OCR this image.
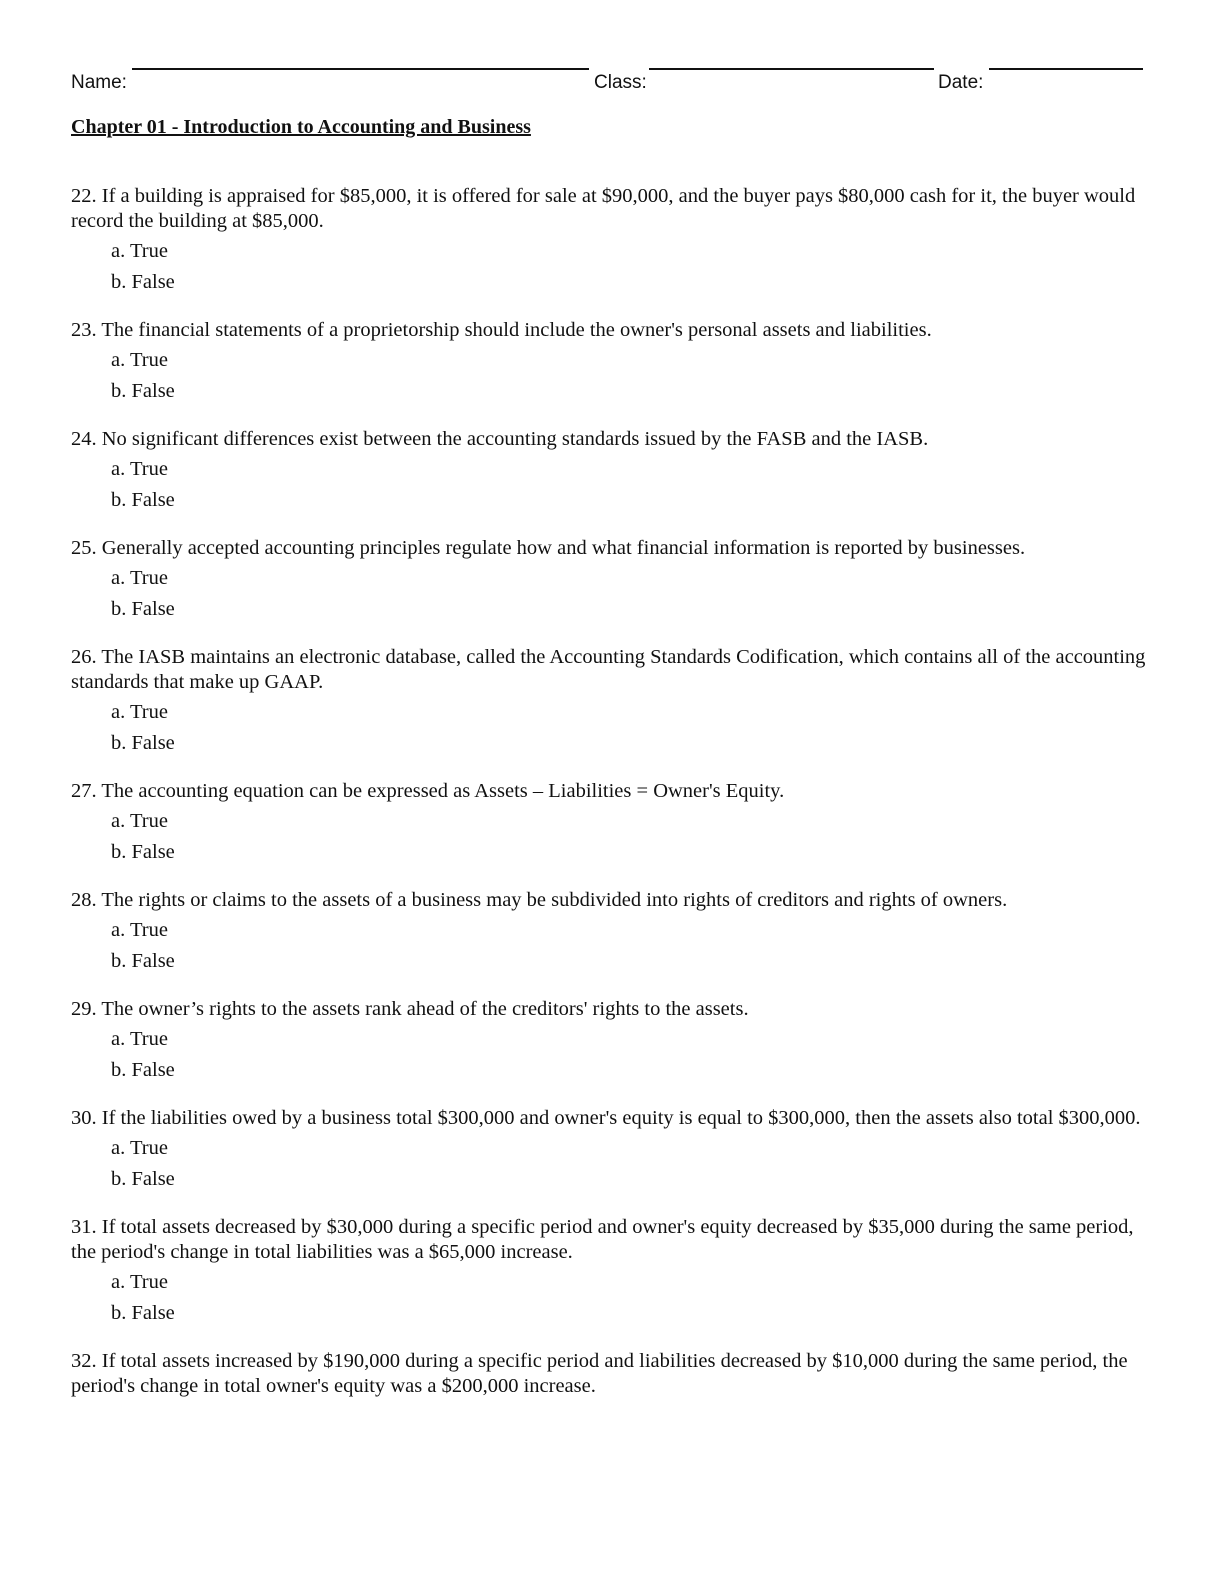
Name:	Class:	Date:
Chapter 01 - Introduction to Accounting and Business

22. If a building is appraised for $85,000, it is offered for sale at $90,000, and the buyer pays $80,000 cash for it, the buyer would record the building at $85,000.

a. True
b. False

23. The financial statements of a proprietorship should include the owner's personal assets and liabilities.

a. True
b. False

24. No significant differences exist between the accounting standards issued by the FASB and the IASB.

a. True
b. False

25. Generally accepted accounting principles regulate how and what financial information is reported by businesses.

a. True
b. False

26. The IASB maintains an electronic database, called the Accounting Standards Codification, which contains all of the accounting standards that make up GAAP.

a. True
b. False

27. The accounting equation can be expressed as Assets – Liabilities = Owner's Equity.

a. True
b. False

28. The rights or claims to the assets of a business may be subdivided into rights of creditors and rights of owners.

a. True
b. False

29. The owner’s rights to the assets rank ahead of the creditors' rights to the assets.

a. True
b. False

30. If the liabilities owed by a business total $300,000 and owner's equity is equal to $300,000, then the assets also total $300,000.

a. True
b. False

31. If total assets decreased by $30,000 during a specific period and owner's equity decreased by $35,000 during the same period, the period's change in total liabilities was a $65,000 increase.

a. True
b. False

32. If total assets increased by $190,000 during a specific period and liabilities decreased by $10,000 during the same period, the period's change in total owner's equity was a $200,000 increase.
